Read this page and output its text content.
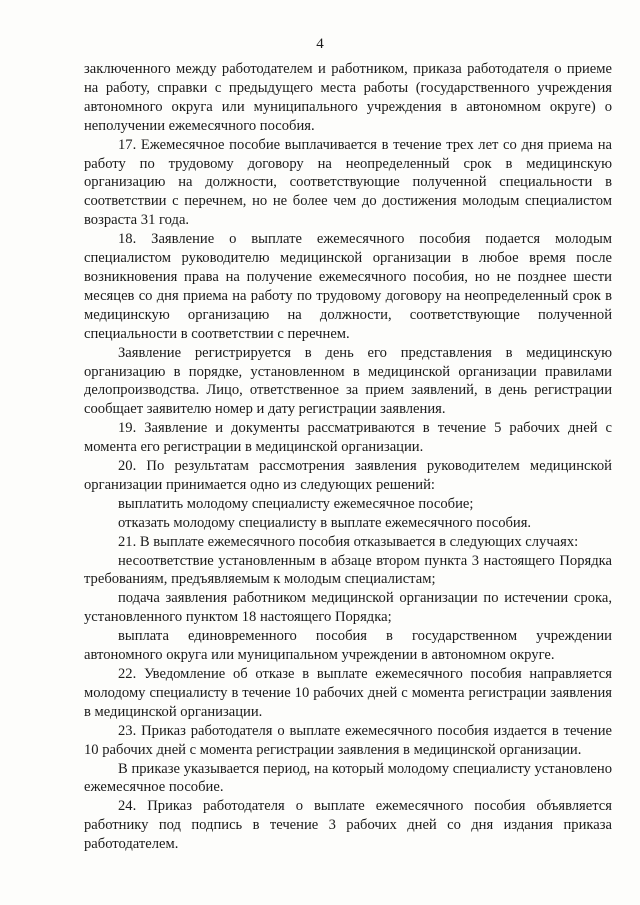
4

заключенного между работодателем и работником, приказа работодателя о приеме на работу, справки с предыдущего места работы (государственного учреждения автономного округа или муниципального учреждения в автономном округе) о неполучении ежемесячного пособия.

17. Ежемесячное пособие выплачивается в течение трех лет со дня приема на работу по трудовому договору на неопределенный срок в медицинскую организацию на должности, соответствующие полученной специальности в соответствии с перечнем, но не более чем до достижения молодым специалистом возраста 31 года.

18. Заявление о выплате ежемесячного пособия подается молодым специалистом руководителю медицинской организации в любое время после возникновения права на получение ежемесячного пособия, но не позднее шести месяцев со дня приема на работу по трудовому договору на неопределенный срок в медицинскую организацию на должности, соответствующие полученной специальности в соответствии с перечнем.

Заявление регистрируется в день его представления в медицинскую организацию в порядке, установленном в медицинской организации правилами делопроизводства. Лицо, ответственное за прием заявлений, в день регистрации сообщает заявителю номер и дату регистрации заявления.

19. Заявление и документы рассматриваются в течение 5 рабочих дней с момента его регистрации в медицинской организации.

20. По результатам рассмотрения заявления руководителем медицинской организации принимается одно из следующих решений:

выплатить молодому специалисту ежемесячное пособие;

отказать молодому специалисту в выплате ежемесячного пособия.

21. В выплате ежемесячного пособия отказывается в следующих случаях:

несоответствие установленным в абзаце втором пункта 3 настоящего Порядка требованиям, предъявляемым к молодым специалистам;

подача заявления работником медицинской организации по истечении срока, установленного пунктом 18 настоящего Порядка;

выплата единовременного пособия в государственном учреждении автономного округа или муниципальном учреждении в автономном округе.

22. Уведомление об отказе в выплате ежемесячного пособия направляется молодому специалисту в течение 10 рабочих дней с момента регистрации заявления в медицинской организации.

23. Приказ работодателя о выплате ежемесячного пособия издается в течение 10 рабочих дней с момента регистрации заявления в медицинской организации.

В приказе указывается период, на который молодому специалисту установлено ежемесячное пособие.

24. Приказ работодателя о выплате ежемесячного пособия объявляется работнику под подпись в течение 3 рабочих дней со дня издания приказа работодателем.
